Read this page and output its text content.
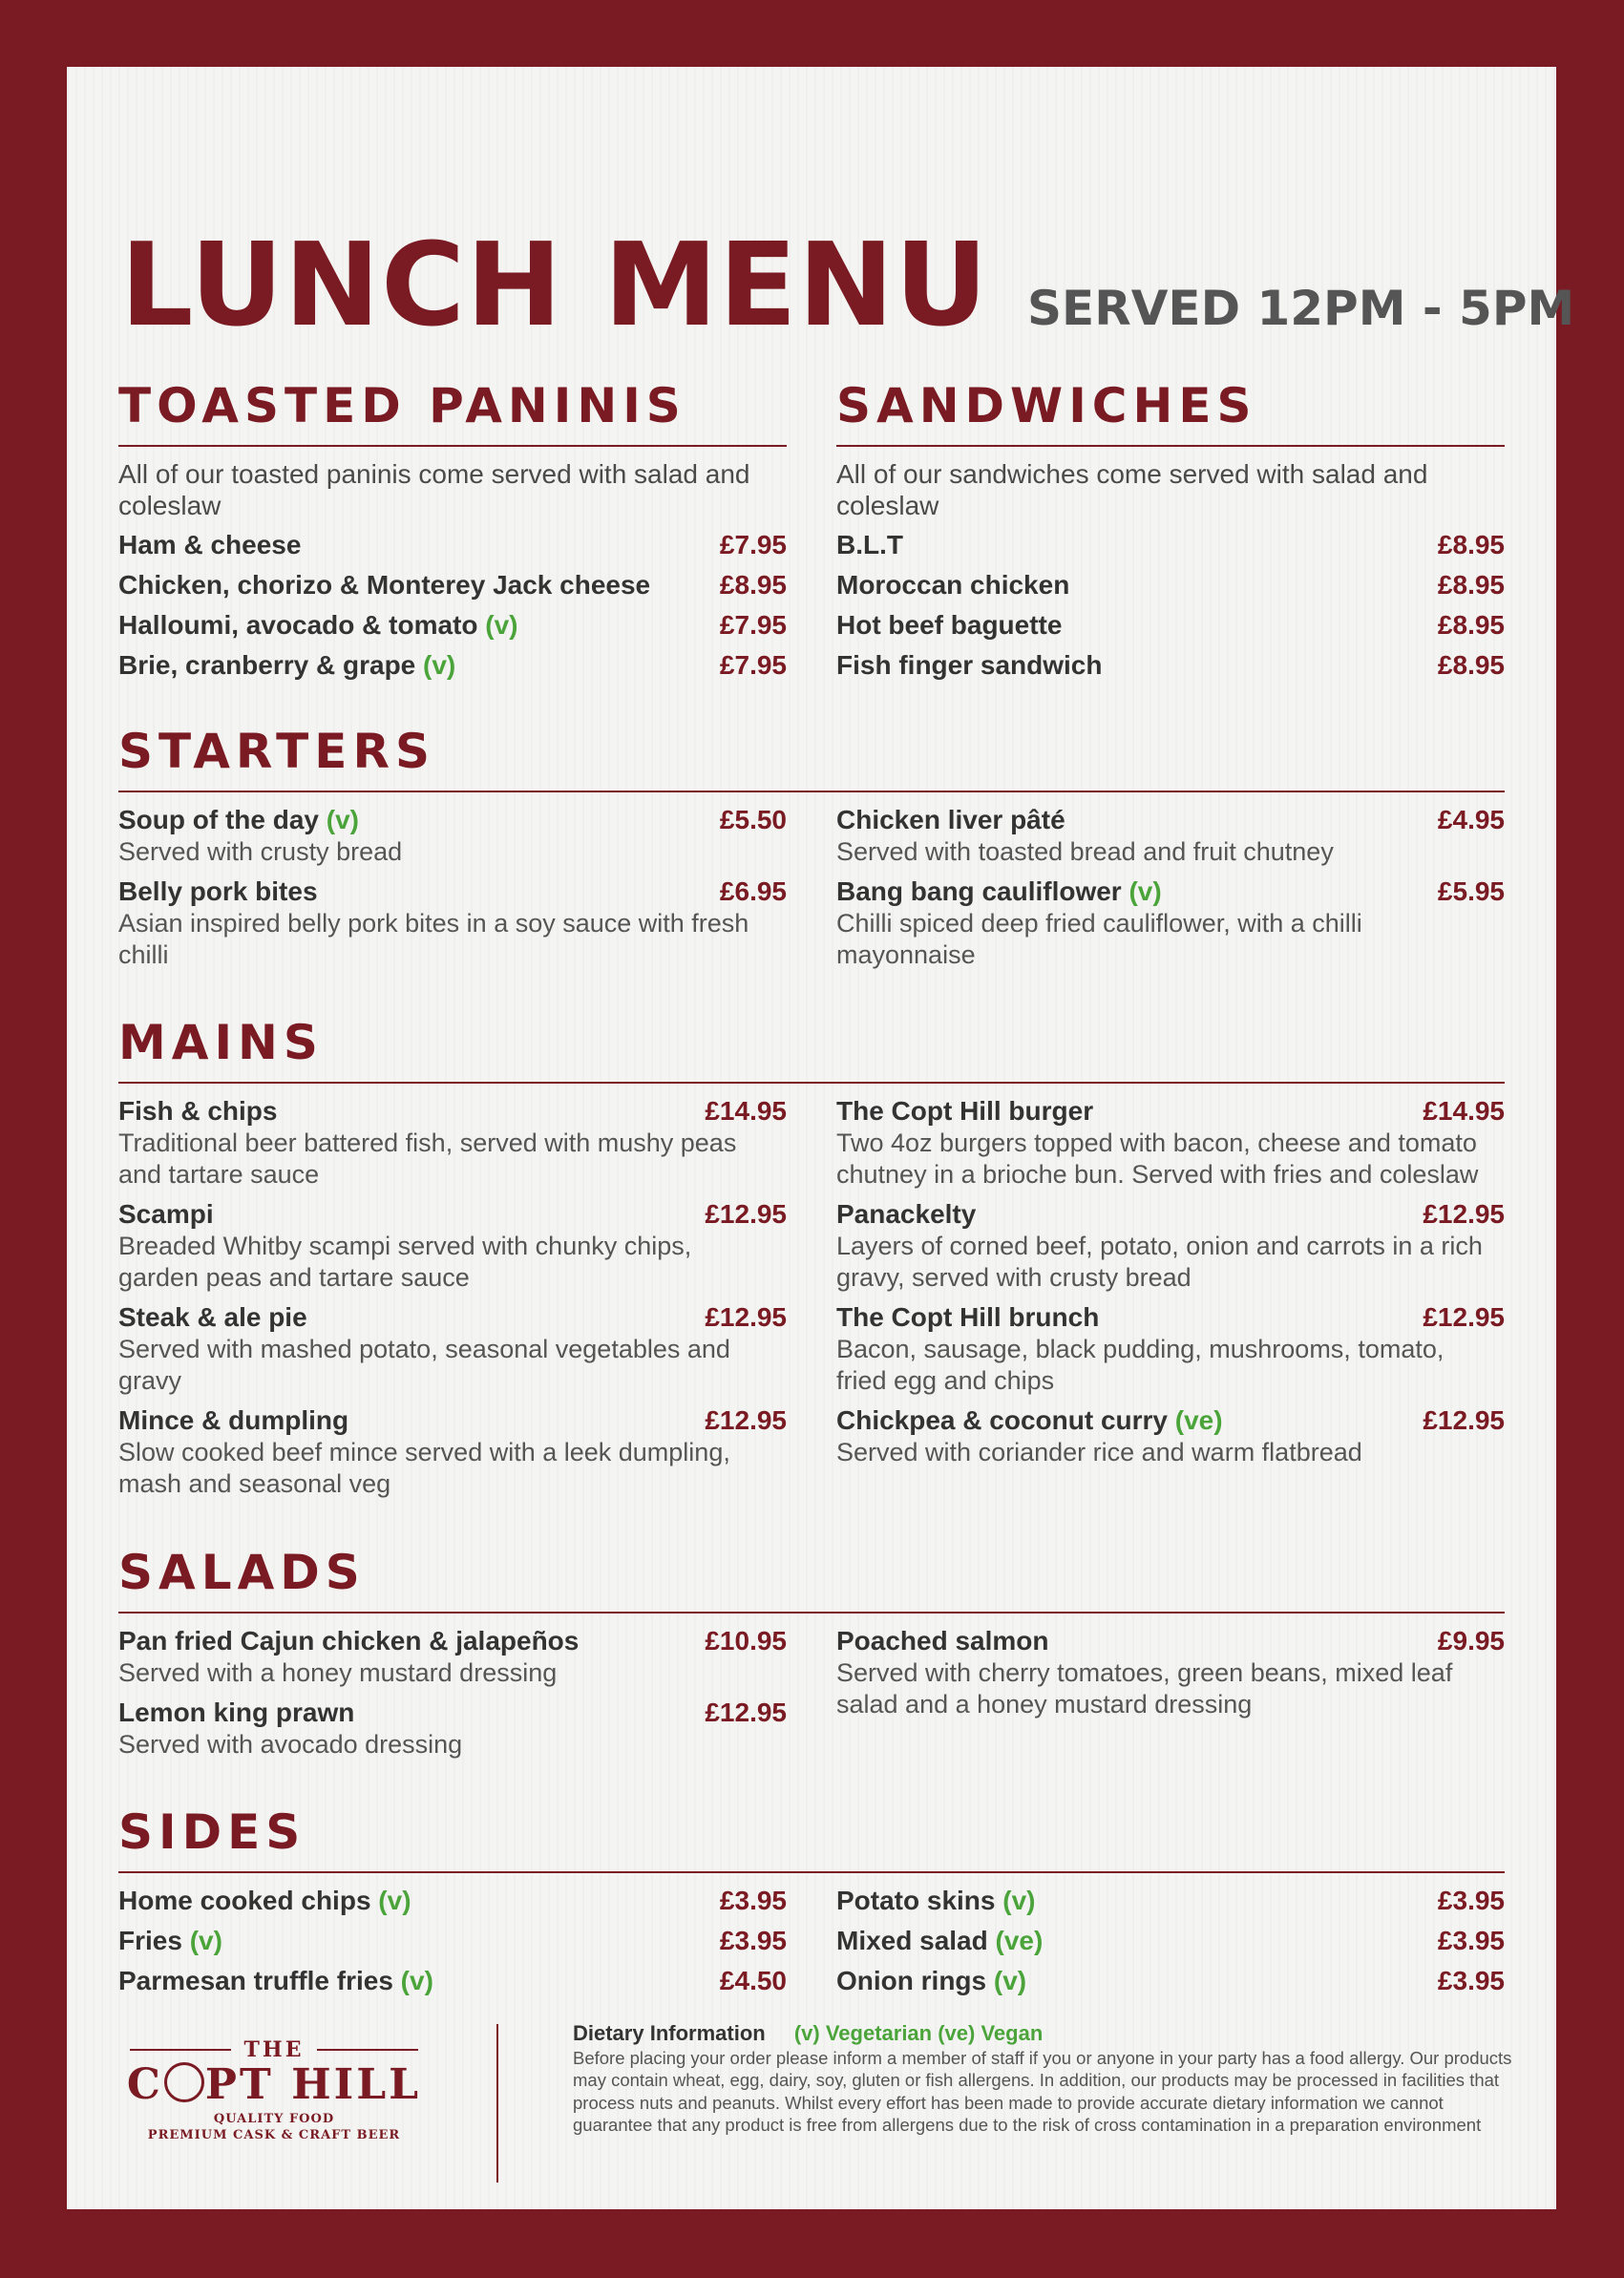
LUNCH MENU SERVED 12PM - 5PM
TOASTED PANINIS
All of our toasted paninis come served with salad and coleslaw
Ham & cheese	£7.95
Chicken, chorizo & Monterey Jack cheese	£8.95
Halloumi, avocado & tomato (v)	£7.95
Brie, cranberry & grape (v)	£7.95
SANDWICHES
All of our sandwiches come served with salad and coleslaw
B.L.T	£8.95
Moroccan chicken	£8.95
Hot beef baguette	£8.95
Fish finger sandwich	£8.95
STARTERS
Soup of the day (v)	£5.50
Served with crusty bread
Belly pork bites	£6.95
Asian inspired belly pork bites in a soy sauce with fresh chilli
Chicken liver pâté	£4.95
Served with toasted bread and fruit chutney
Bang bang cauliflower (v)	£5.95
Chilli spiced deep fried cauliflower, with a chilli mayonnaise
MAINS
Fish & chips	£14.95
Traditional beer battered fish, served with mushy peas and tartare sauce
Scampi	£12.95
Breaded Whitby scampi served with chunky chips, garden peas and tartare sauce
Steak & ale pie	£12.95
Served with mashed potato, seasonal vegetables and gravy
Mince & dumpling	£12.95
Slow cooked beef mince served with a leek dumpling, mash and seasonal veg
The Copt Hill burger	£14.95
Two 4oz burgers topped with bacon, cheese and tomato chutney in a brioche bun. Served with fries and coleslaw
Panackelty	£12.95
Layers of corned beef, potato, onion and carrots in a rich gravy, served with crusty bread
The Copt Hill brunch	£12.95
Bacon, sausage, black pudding, mushrooms, tomato, fried egg and chips
Chickpea & coconut curry (ve)	£12.95
Served with coriander rice and warm flatbread
SALADS
Pan fried Cajun chicken & jalapeños	£10.95
Served with a honey mustard dressing
Lemon king prawn	£12.95
Served with avocado dressing
Poached salmon	£9.95
Served with cherry tomatoes, green beans, mixed leaf salad and a honey mustard dressing
SIDES
Home cooked chips (v)	£3.95
Fries (v)	£3.95
Parmesan truffle fries (v)	£4.50
Potato skins (v)	£3.95
Mixed salad (ve)	£3.95
Onion rings (v)	£3.95
THE
C PT HILL
QUALITY FOOD
PREMIUM CASK & CRAFT BEER
Dietary Information (v) Vegetarian (ve) Vegan
Before placing your order please inform a member of staff if you or anyone in your party has a food allergy. Our products may contain wheat, egg, dairy, soy, gluten or fish allergens. In addition, our products may be processed in facilities that process nuts and peanuts. Whilst every effort has been made to provide accurate dietary information we cannot guarantee that any product is free from allergens due to the risk of cross contamination in a preparation environment
